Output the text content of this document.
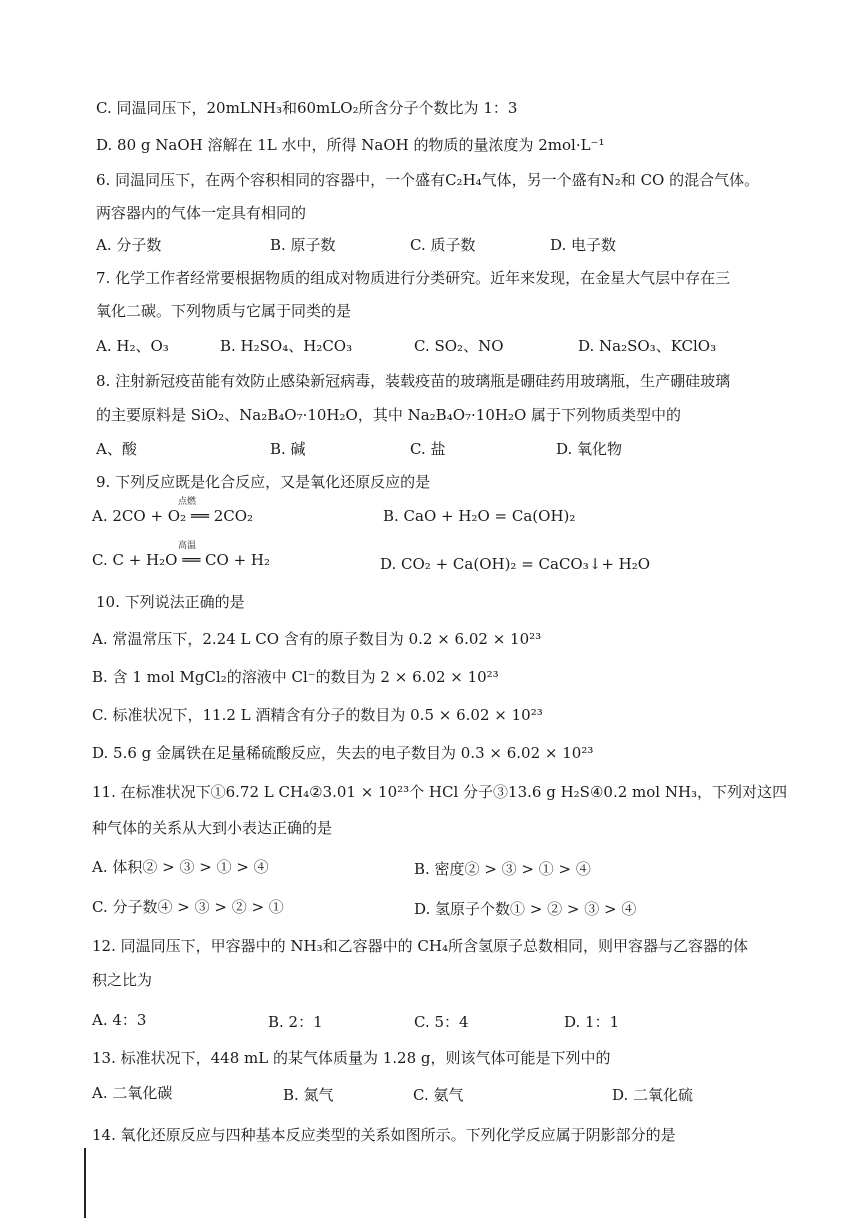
C. 同温同压下，20mLNH₃和60mLO₂所含分子个数比为 1：3
D. 80 g NaOH 溶解在 1L 水中，所得 NaOH 的物质的量浓度为 2mol·L⁻¹
6. 同温同压下，在两个容积相同的容器中，一个盛有C₂H₄气体，另一个盛有N₂和 CO 的混合气体。
两容器内的气体一定具有相同的
A. 分子数	B. 原子数	C. 质子数	D. 电子数
7. 化学工作者经常要根据物质的组成对物质进行分类研究。近年来发现，在金星大气层中存在三
氧化二碳。下列物质与它属于同类的是
A. H₂、O₃	B. H₂SO₄、H₂CO₃	C. SO₂、NO	D. Na₂SO₃、KClO₃
8. 注射新冠疫苗能有效防止感染新冠病毒，装载疫苗的玻璃瓶是硼硅药用玻璃瓶，生产硼硅玻璃
的主要原料是 SiO₂、Na₂B₄O₇·10H₂O，其中 Na₂B₄O₇·10H₂O 属于下列物质类型中的
A、酸	B. 碱	C. 盐	D. 氧化物
9. 下列反应既是化合反应，又是氧化还原反应的是
A. 2CO + O₂ ══ 2CO₂	B. CaO + H₂O = Ca(OH)₂
C. C + H₂O ══ CO + H₂	D. CO₂ + Ca(OH)₂ = CaCO₃↓+ H₂O
10. 下列说法正确的是
A. 常温常压下，2.24 L CO 含有的原子数目为 0.2 × 6.02 × 10²³
B. 含 1 mol MgCl₂的溶液中 Cl⁻的数目为 2 × 6.02 × 10²³
C. 标准状况下，11.2 L 酒精含有分子的数目为 0.5 × 6.02 × 10²³
D. 5.6 g 金属铁在足量稀硫酸反应，失去的电子数目为 0.3 × 6.02 × 10²³
11. 在标准状况下①6.72 L CH₄②3.01 × 10²³个 HCl 分子③13.6 g H₂S④0.2 mol NH₃，下列对这四
种气体的关系从大到小表达正确的是
A. 体积② > ③ > ① > ④	B. 密度② > ③ > ① > ④
C. 分子数④ > ③ > ② > ①	D. 氢原子个数① > ② > ③ > ④
12. 同温同压下，甲容器中的 NH₃和乙容器中的 CH₄所含氢原子总数相同，则甲容器与乙容器的体
积之比为
A. 4：3	B. 2：1	C. 5：4	D. 1：1
13. 标准状况下，448 mL 的某气体质量为 1.28 g，则该气体可能是下列中的
A. 二氧化碳	B. 氮气	C. 氨气	D. 二氧化硫
14. 氧化还原反应与四种基本反应类型的关系如图所示。下列化学反应属于阴影部分的是
点燃
高温
